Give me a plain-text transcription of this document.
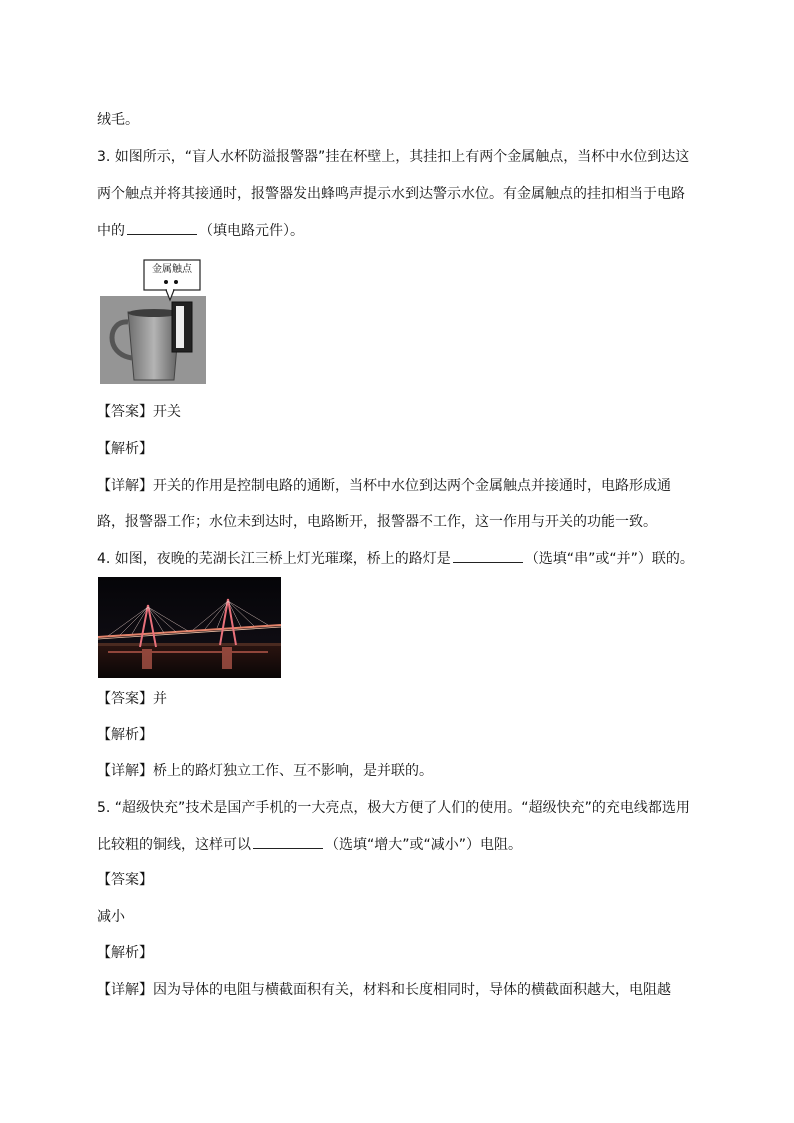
绒毛。
3. 如图所示，“盲人水杯防溢报警器”挂在杯壁上，其挂扣上有两个金属触点，当杯中水位到达这
两个触点并将其接通时，报警器发出蜂鸣声提示水到达警示水位。有金属触点的挂扣相当于电路
中的	（填电路元件）。
金属触点
【答案】开关
【解析】
【详解】开关的作用是控制电路的通断，当杯中水位到达两个金属触点并接通时，电路形成通
路，报警器工作；水位未到达时，电路断开，报警器不工作，这一作用与开关的功能一致。
4. 如图，夜晚的芜湖长江三桥上灯光璀璨，桥上的路灯是	（选填“串”或“并”）联的。
【答案】并
【解析】
【详解】桥上的路灯独立工作、互不影响，是并联的。
5. “超级快充”技术是国产手机的一大亮点，极大方便了人们的使用。“超级快充”的充电线都选用
比较粗的铜线，这样可以	（选填“增大”或“减小”）电阻。
【答案】
减小
【解析】
【详解】因为导体的电阻与横截面积有关，材料和长度相同时，导体的横截面积越大，电阻越
